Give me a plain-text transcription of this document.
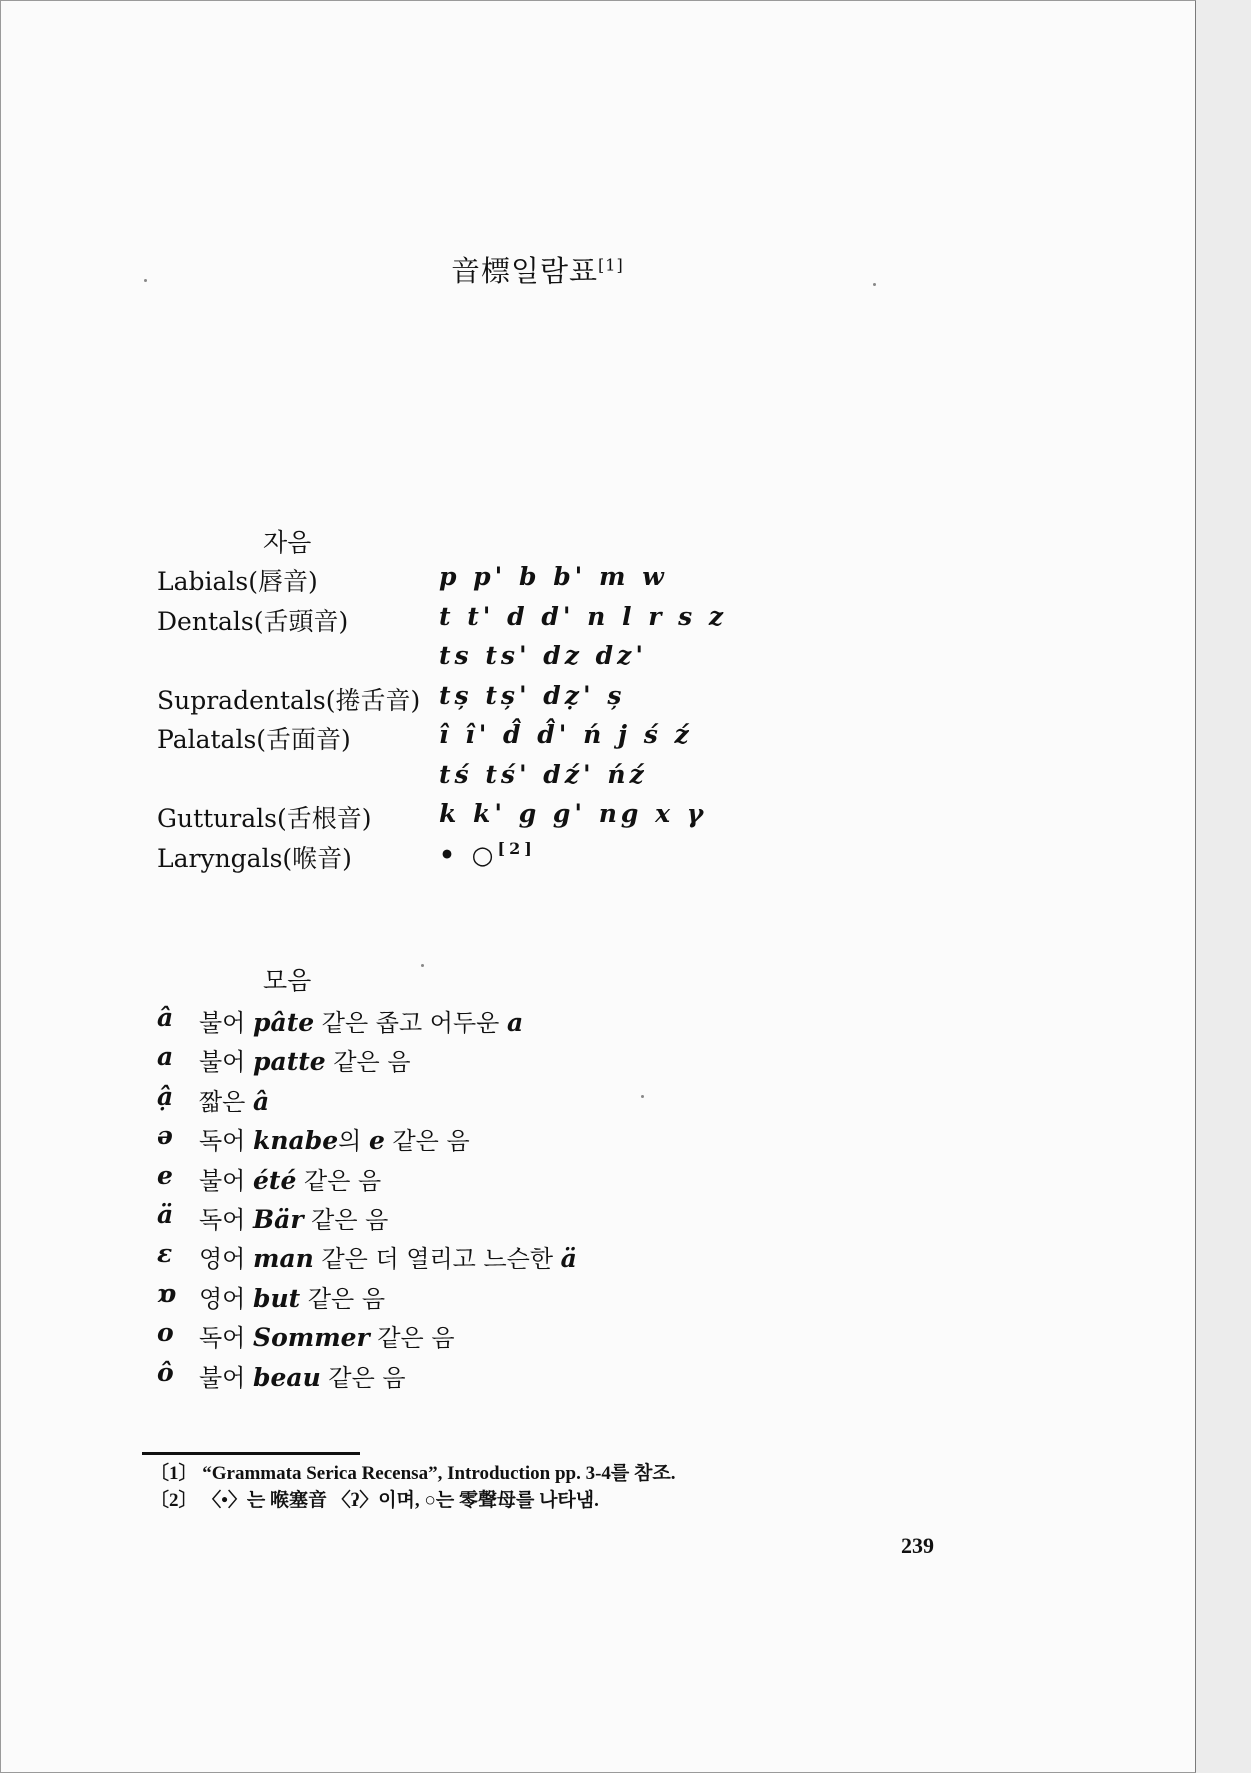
音標일람표[1]
자음
Labials(唇音)	p p' b b' m w
Dentals(舌頭音)	t t' d d' n l r s z
ts ts' dz dz'
Supradentals(捲舌音) tș tș' dẓ' ș
Palatals(舌面音)	î î' d̂ d̂' ń j ś ź
tś tś' dź' ńź
Gutturals(舌根音)	k k' g g' ng x γ
Laryngals(喉音)	• ○[2]
모음
â	불어 pâte 같은 좁고 어두운 a
a	불어 patte 같은 음
ậ	짧은 â
ə	독어 knabe의 e 같은 음
e	불어 été 같은 음
ä	독어 Bär 같은 음
ε	영어 man 같은 더 열리고 느슨한 ä
ɒ 영어 but 같은 음
o	독어 Sommer 같은 음
ô	불어 beau 같은 음
〔1〕 “Grammata Serica Recensa”, Introduction pp. 3-4를 참조.
〔2〕 〈•〉는 喉塞音 〈ʔ〉이며, ○는 零聲母를 나타냄.
239
